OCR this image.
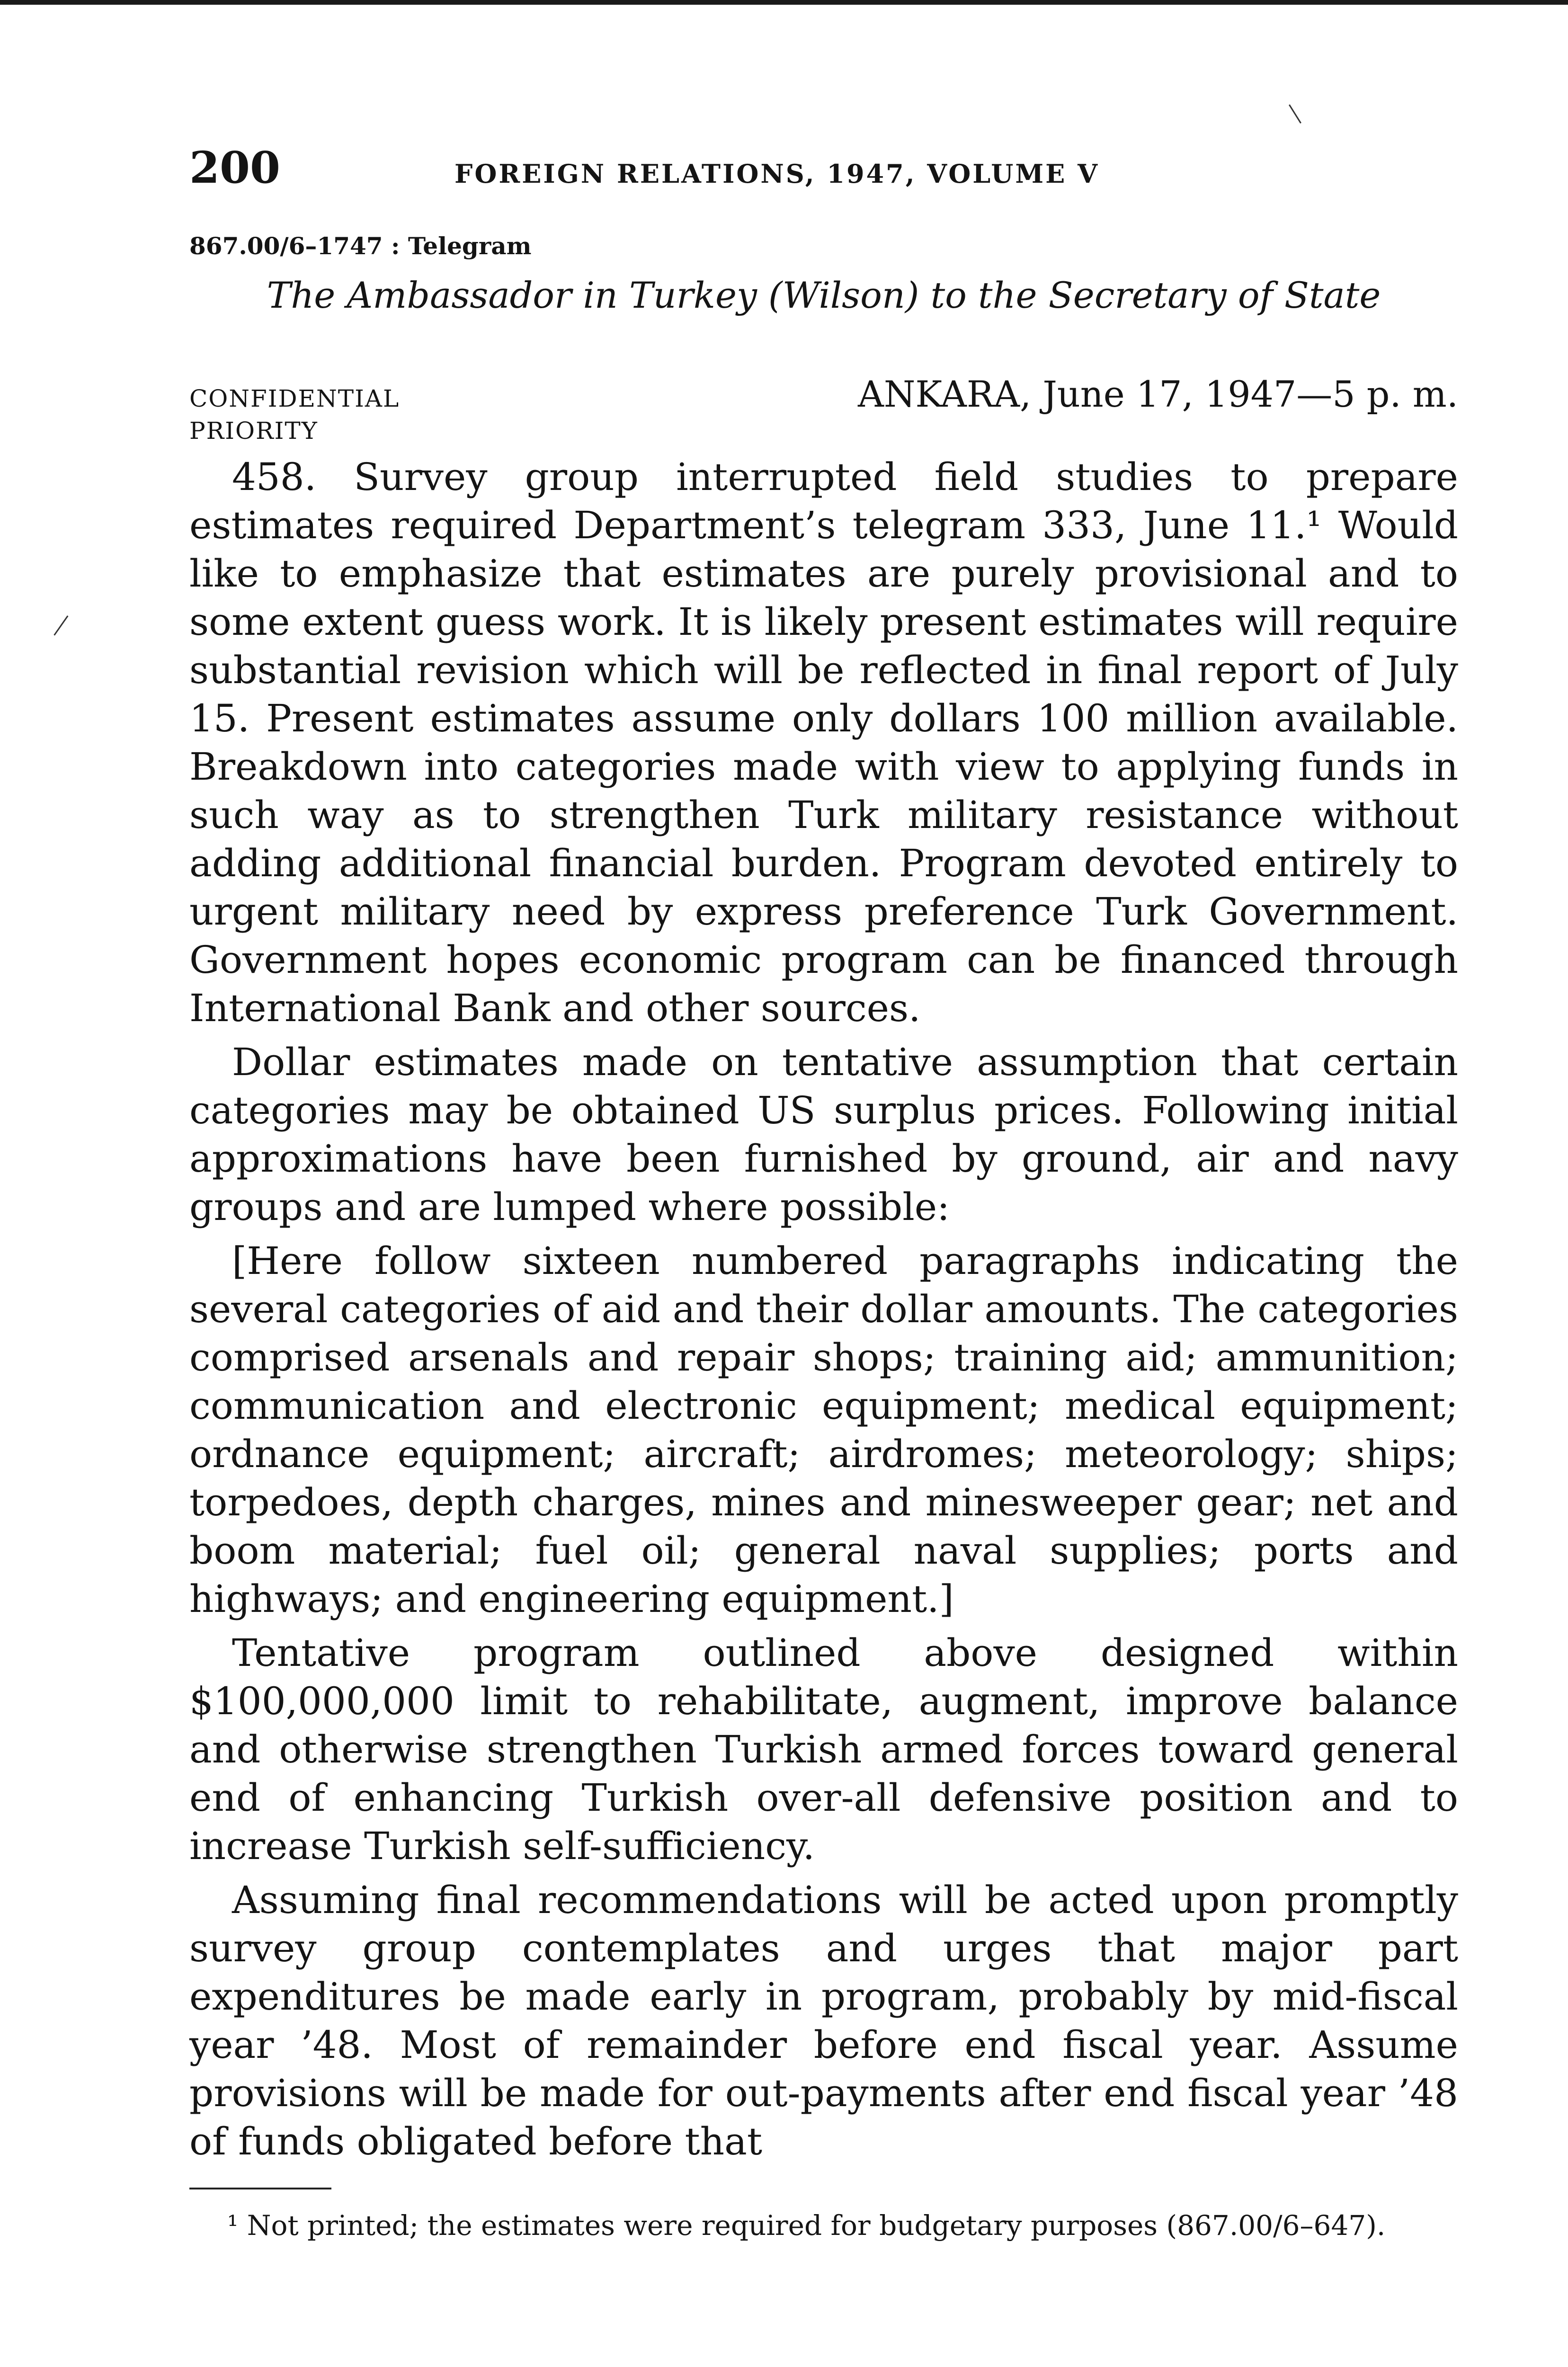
200	FOREIGN RELATIONS, 1947, VOLUME V
867.00/6–1747 : Telegram
The Ambassador in Turkey (Wilson) to the Secretary of State
CONFIDENTIAL	ANKARA, June 17, 1947—5 p. m.
PRIORITY

458. Survey group interrupted field studies to prepare estimates required Department’s telegram 333, June 11.¹ Would like to emphasize that estimates are purely provisional and to some extent guess work. It is likely present estimates will require substantial revision which will be reflected in final report of July 15. Present estimates assume only dollars 100 million available. Breakdown into categories made with view to applying funds in such way as to strengthen Turk military resistance without adding additional financial burden. Program devoted entirely to urgent military need by express preference Turk Government. Government hopes economic program can be financed through International Bank and other sources.

Dollar estimates made on tentative assumption that certain categories may be obtained US surplus prices. Following initial approximations have been furnished by ground, air and navy groups and are lumped where possible:

[Here follow sixteen numbered paragraphs indicating the several categories of aid and their dollar amounts. The categories comprised arsenals and repair shops; training aid; ammunition; communication and electronic equipment; medical equipment; ordnance equipment; aircraft; airdromes; meteorology; ships; torpedoes, depth charges, mines and minesweeper gear; net and boom material; fuel oil; general naval supplies; ports and highways; and engineering equipment.]

Tentative program outlined above designed within $100,000,000 limit to rehabilitate, augment, improve balance and otherwise strengthen Turkish armed forces toward general end of enhancing Turkish over-all defensive position and to increase Turkish self-sufficiency.

Assuming final recommendations will be acted upon promptly survey group contemplates and urges that major part expenditures be made early in program, probably by mid-fiscal year ’48. Most of remainder before end fiscal year. Assume provisions will be made for out-payments after end fiscal year ’48 of funds obligated before that

¹ Not printed; the estimates were required for budgetary purposes (867.00/6–647).
